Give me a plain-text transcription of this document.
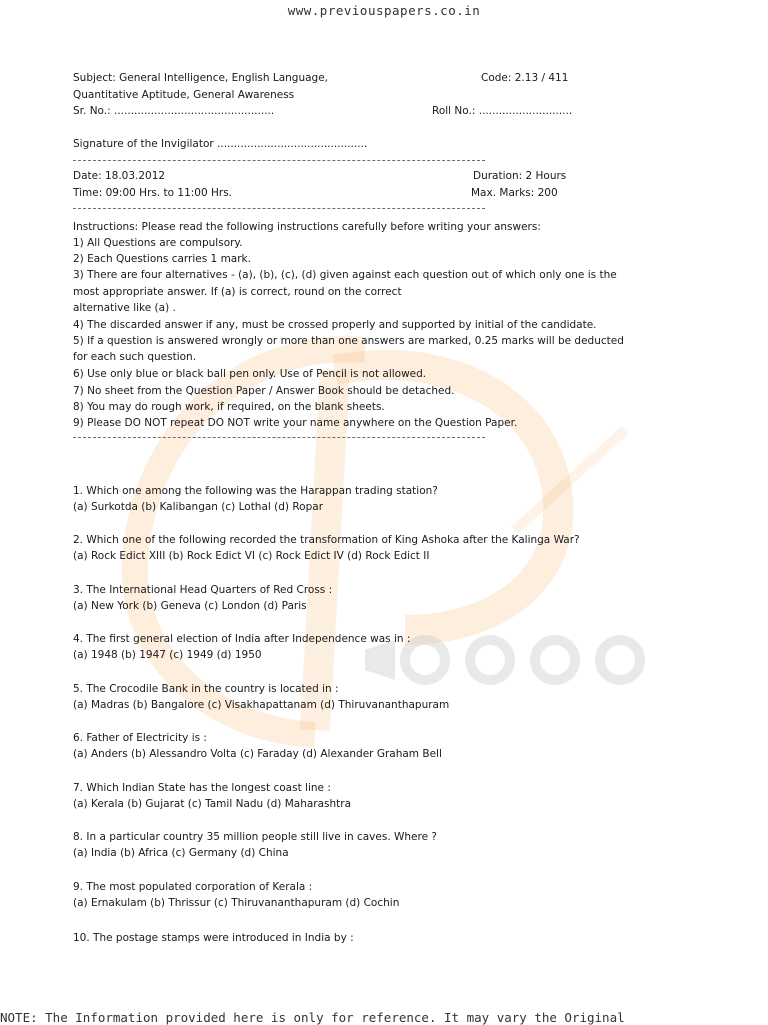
www.previouspapers.co.in
Subject: General Intelligence, English Language,	Code: 2.13 / 411
Quantitative Aptitude, General Awareness
Sr. No.: ................................................	Roll No.: ............................
Signature of the Invigilator .............................................
Date: 18.03.2012	Duration: 2 Hours
Time: 09:00 Hrs. to 11:00 Hrs.	Max. Marks: 200
Instructions: Please read the following instructions carefully before writing your answers:
1) All Questions are compulsory.
2) Each Questions carries 1 mark.
3) There are four alternatives - (a), (b), (c), (d) given against each question out of which only one is the
most appropriate answer. If (a) is correct, round on the correct
alternative like (a) .
4) The discarded answer if any, must be crossed properly and supported by initial of the candidate.
5) If a question is answered wrongly or more than one answers are marked, 0.25 marks will be deducted
for each such question.
6) Use only blue or black ball pen only. Use of Pencil is not allowed.
7) No sheet from the Question Paper / Answer Book should be detached.
8) You may do rough work, if required, on the blank sheets.
9) Please DO NOT repeat DO NOT write your name anywhere on the Question Paper.
1. Which one among the following was the Harappan trading station?
(a) Surkotda (b) Kalibangan (c) Lothal (d) Ropar
2. Which one of the following recorded the transformation of King Ashoka after the Kalinga War?
(a) Rock Edict XIII (b) Rock Edict VI (c) Rock Edict IV (d) Rock Edict II
3. The International Head Quarters of Red Cross :
(a) New York (b) Geneva (c) London (d) Paris
4. The first general election of India after Independence was in :
(a) 1948 (b) 1947 (c) 1949 (d) 1950
5. The Crocodile Bank in the country is located in :
(a) Madras (b) Bangalore (c) Visakhapattanam (d) Thiruvananthapuram
6. Father of Electricity is :
(a) Anders (b) Alessandro Volta (c) Faraday (d) Alexander Graham Bell
7. Which Indian State has the longest coast line :
(a) Kerala (b) Gujarat (c) Tamil Nadu (d) Maharashtra
8. In a particular country 35 million people still live in caves. Where ?
(a) India (b) Africa (c) Germany (d) China
9. The most populated corporation of Kerala :
(a) Ernakulam (b) Thrissur (c) Thiruvananthapuram (d) Cochin
10. The postage stamps were introduced in India by :
NOTE: The Information provided here is only for reference. It may vary the Original
